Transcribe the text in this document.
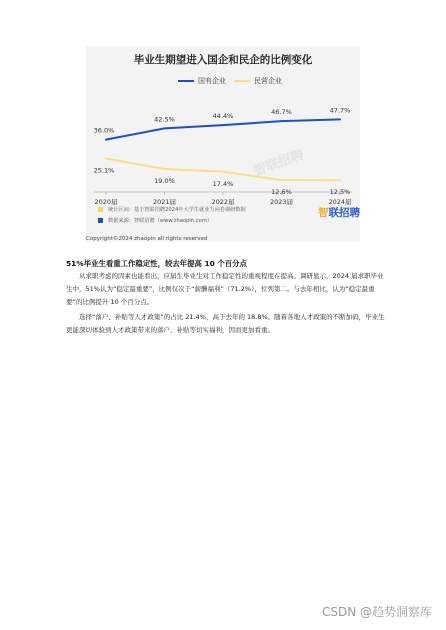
毕业生期望进入国企和民企的比例变化
国有企业	民营企业
2020届	2021届	2022届	2023届	2024届
36.0%
42.5%	44.4%	46.7%	47.7%
25.1%
19.0%	17.4%
12.6%	12.5%
智联招聘
统计区间：基于智联招聘2024年大学生就业力问卷调研数据
数据来源：智联招聘（www.zhaopin.com）
智联招聘
Copyright©2024 zhaopin all rights reserved
51%毕业生看重工作稳定性，较去年提高 10 个百分点

从求职考虑的因素也能看出，应届生毕业生对工作稳定性的重视程度在提高。调研显示，2024 届求职毕业生中，51%认为“稳定最重要”，比例仅次于“薪酬福利”（71.2%），位列第二。与去年相比，认为“稳定最重要”的比例提升 10 个百分点。

选择“落户、补贴等人才政策”的占比 21.4%，高于去年的 18.8%。随着各地人才政策的不断加码，毕业生更能深切体验到人才政策带来的落户、补贴等切实福利，因而更加看重。

CSDN @趋势洞察库
